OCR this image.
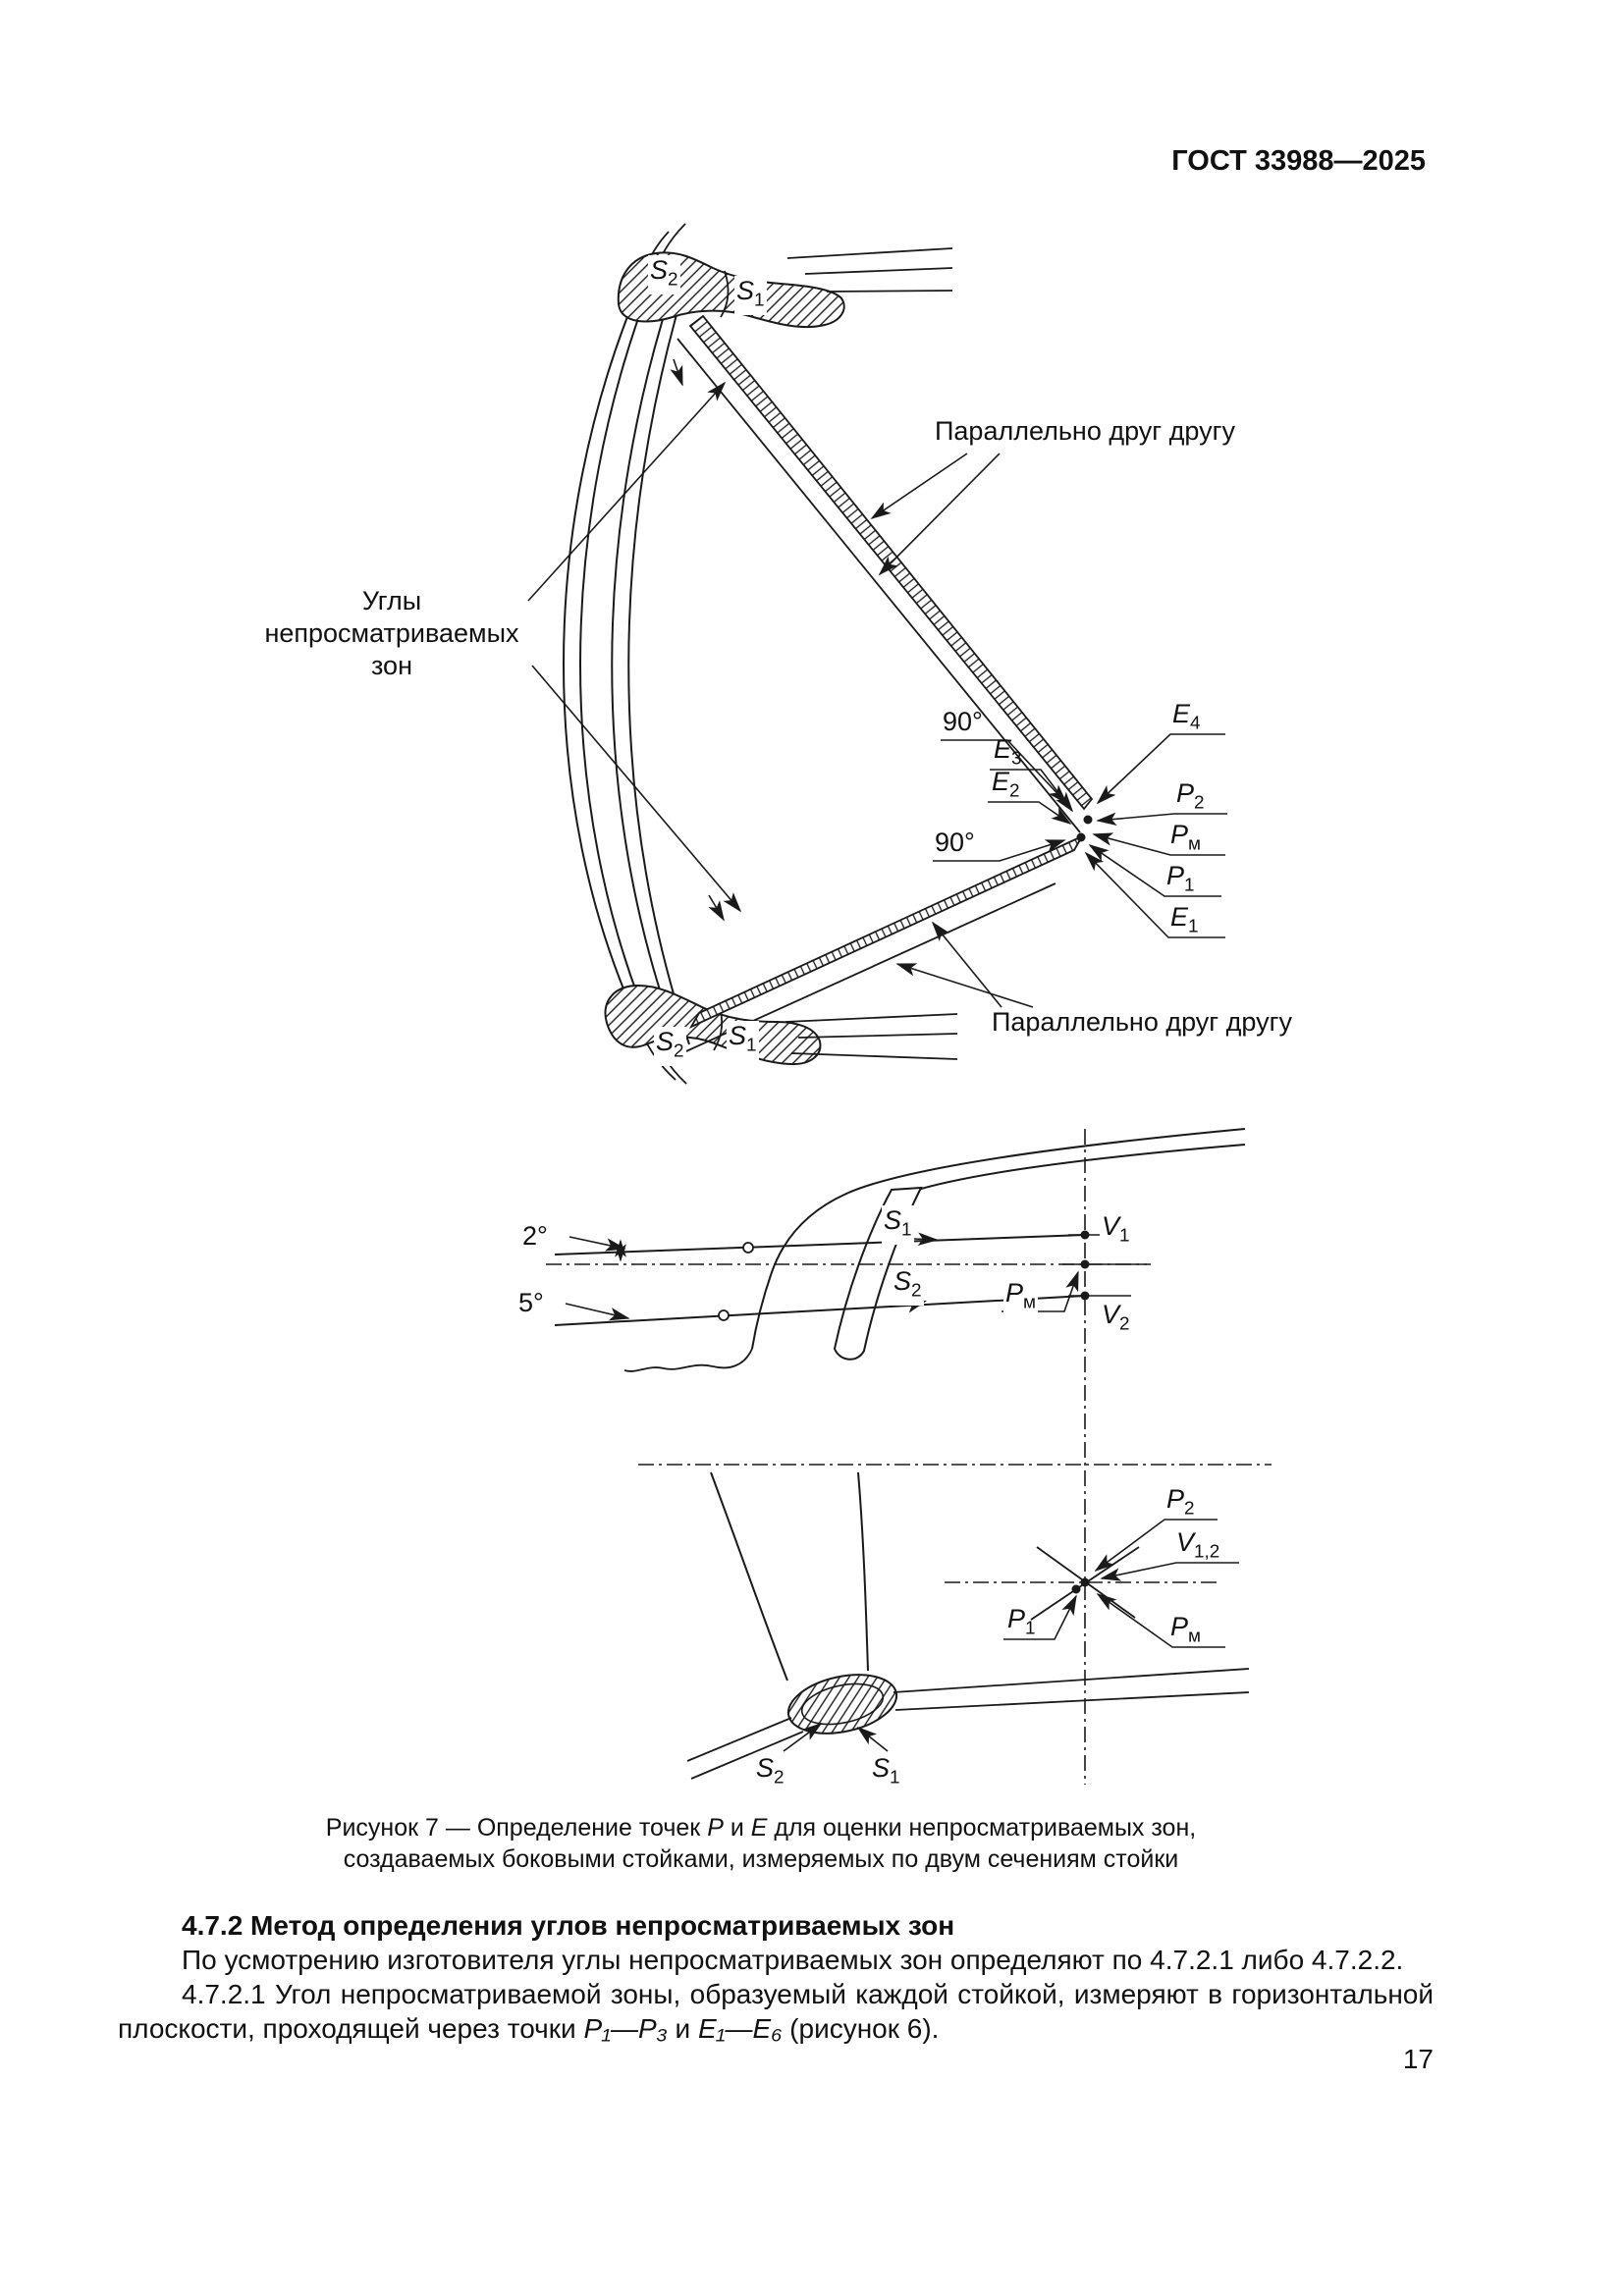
ГОСТ 33988—2025
$S_2$ $S_1$
Параллельно друг другу
Углы
непросматриваемых
зон
90°
$E_3$
$E_2$
90°
$E_4$
$P_2$
$P_м$
$P_1$
$E_1$
Параллельно друг другу
$S_2$
$S_1$
2°
5°
$S_1$
$S_2$
$V_1$
$V_2$
$P_м$
$P_2$
$V_{1,2}$
$P_1$	$P_м$
$S_2$	$S_1$
Рисунок 7 — Определение точек P и E для оценки непросматриваемых зон,
создаваемых боковыми стойками, измеряемых по двум сечениям стойки

4.7.2 Метод определения углов непросматриваемых зон

По усмотрению изготовителя углы непросматриваемых зон определяют по 4.7.2.1 либо 4.7.2.2.

4.7.2.1 Угол непросматриваемой зоны, образуемый каждой стойкой, измеряют в горизонтальной плоскости, проходящей через точки P₁—P₃ и E₁—E₆ (рисунок 6).

17
